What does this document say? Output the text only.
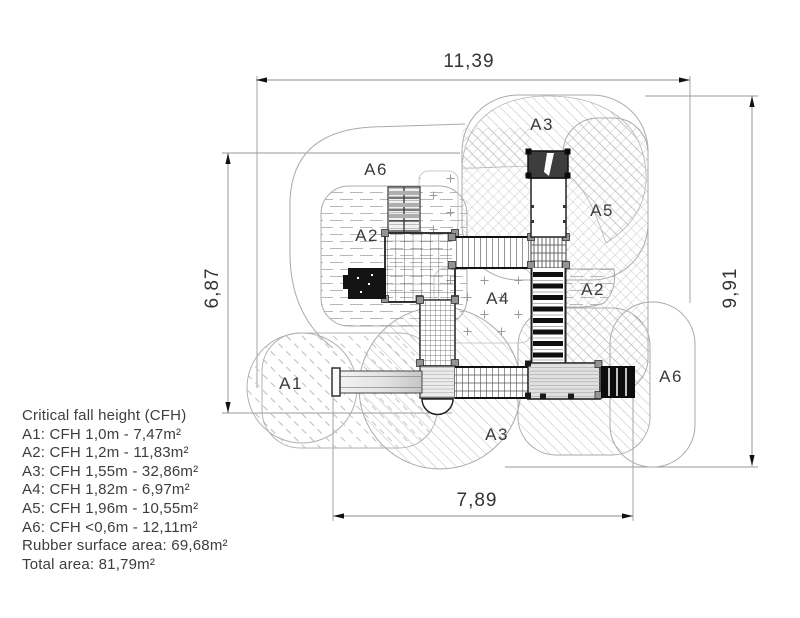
A3
A6
A5
A2
A2
A4
A1	A6
A3
11,39
9,91
6,87
7,89
Critical fall height (CFH)
A1: CFH 1,0m - 7,47m²
A2: CFH 1,2m - 11,83m²
A3: CFH 1,55m - 32,86m²
A4: CFH 1,82m - 6,97m²
A5: CFH 1,96m - 10,55m²
A6: CFH <0,6m - 12,11m²
Rubber surface area: 69,68m²
Total area: 81,79m²
